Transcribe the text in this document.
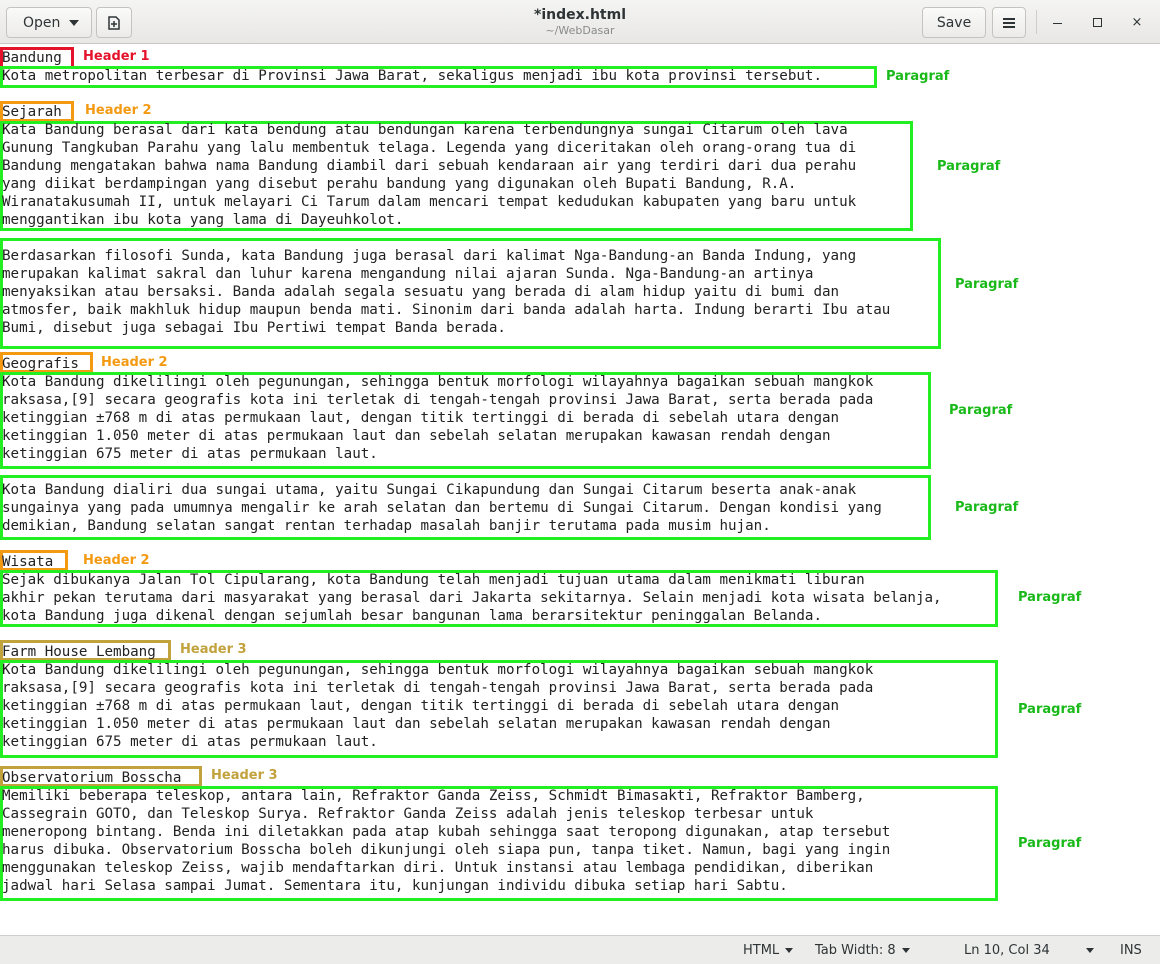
Open	*index.html
~/WebDasar	Save	×
Bandung Header 1
Kota metropolitan terbesar di Provinsi Jawa Barat, sekaligus menjadi ibu kota provinsi tersebut.	Paragraf
Sejarah Header 2
Kata Bandung berasal dari kata bendung atau bendungan karena terbendungnya sungai Citarum oleh lava
Gunung Tangkuban Parahu yang lalu membentuk telaga. Legenda yang diceritakan oleh orang-orang tua di
Bandung mengatakan bahwa nama Bandung diambil dari sebuah kendaraan air yang terdiri dari dua perahu
yang diikat berdampingan yang disebut perahu bandung yang digunakan oleh Bupati Bandung, R.A.
Wiranatakusumah II, untuk melayari Ci Tarum dalam mencari tempat kedudukan kabupaten yang baru untuk
menggantikan ibu kota yang lama di Dayeuhkolot.
Paragraf
Berdasarkan filosofi Sunda, kata Bandung juga berasal dari kalimat Nga-Bandung-an Banda Indung, yang
merupakan kalimat sakral dan luhur karena mengandung nilai ajaran Sunda. Nga-Bandung-an artinya
menyaksikan atau bersaksi. Banda adalah segala sesuatu yang berada di alam hidup yaitu di bumi dan
atmosfer, baik makhluk hidup maupun benda mati. Sinonim dari banda adalah harta. Indung berarti Ibu atau
Bumi, disebut juga sebagai Ibu Pertiwi tempat Banda berada.
Paragraf
Geografis Header 2
Kota Bandung dikelilingi oleh pegunungan, sehingga bentuk morfologi wilayahnya bagaikan sebuah mangkok
raksasa,[9] secara geografis kota ini terletak di tengah-tengah provinsi Jawa Barat, serta berada pada
ketinggian ±768 m di atas permukaan laut, dengan titik tertinggi di berada di sebelah utara dengan
ketinggian 1.050 meter di atas permukaan laut dan sebelah selatan merupakan kawasan rendah dengan
ketinggian 675 meter di atas permukaan laut.
Paragraf
Kota Bandung dialiri dua sungai utama, yaitu Sungai Cikapundung dan Sungai Citarum beserta anak-anak
sungainya yang pada umumnya mengalir ke arah selatan dan bertemu di Sungai Citarum. Dengan kondisi yang
demikian, Bandung selatan sangat rentan terhadap masalah banjir terutama pada musim hujan.
Paragraf
Wisata Header 2
Sejak dibukanya Jalan Tol Cipularang, kota Bandung telah menjadi tujuan utama dalam menikmati liburan
akhir pekan terutama dari masyarakat yang berasal dari Jakarta sekitarnya. Selain menjadi kota wisata belanja,
kota Bandung juga dikenal dengan sejumlah besar bangunan lama berarsitektur peninggalan Belanda.
Paragraf
Farm House Lembang Header 3
Kota Bandung dikelilingi oleh pegunungan, sehingga bentuk morfologi wilayahnya bagaikan sebuah mangkok
raksasa,[9] secara geografis kota ini terletak di tengah-tengah provinsi Jawa Barat, serta berada pada
ketinggian ±768 m di atas permukaan laut, dengan titik tertinggi di berada di sebelah utara dengan
ketinggian 1.050 meter di atas permukaan laut dan sebelah selatan merupakan kawasan rendah dengan
ketinggian 675 meter di atas permukaan laut.
Paragraf
Observatorium Bosscha Header 3
Memiliki beberapa teleskop, antara lain, Refraktor Ganda Zeiss, Schmidt Bimasakti, Refraktor Bamberg,
Cassegrain GOTO, dan Teleskop Surya. Refraktor Ganda Zeiss adalah jenis teleskop terbesar untuk
meneropong bintang. Benda ini diletakkan pada atap kubah sehingga saat teropong digunakan, atap tersebut
harus dibuka. Observatorium Bosscha boleh dikunjungi oleh siapa pun, tanpa tiket. Namun, bagi yang ingin
menggunakan teleskop Zeiss, wajib mendaftarkan diri. Untuk instansi atau lembaga pendidikan, diberikan
jadwal hari Selasa sampai Jumat. Sementara itu, kunjungan individu dibuka setiap hari Sabtu.
Paragraf
HTML	Tab Width: 8	Ln 10, Col 34	INS
